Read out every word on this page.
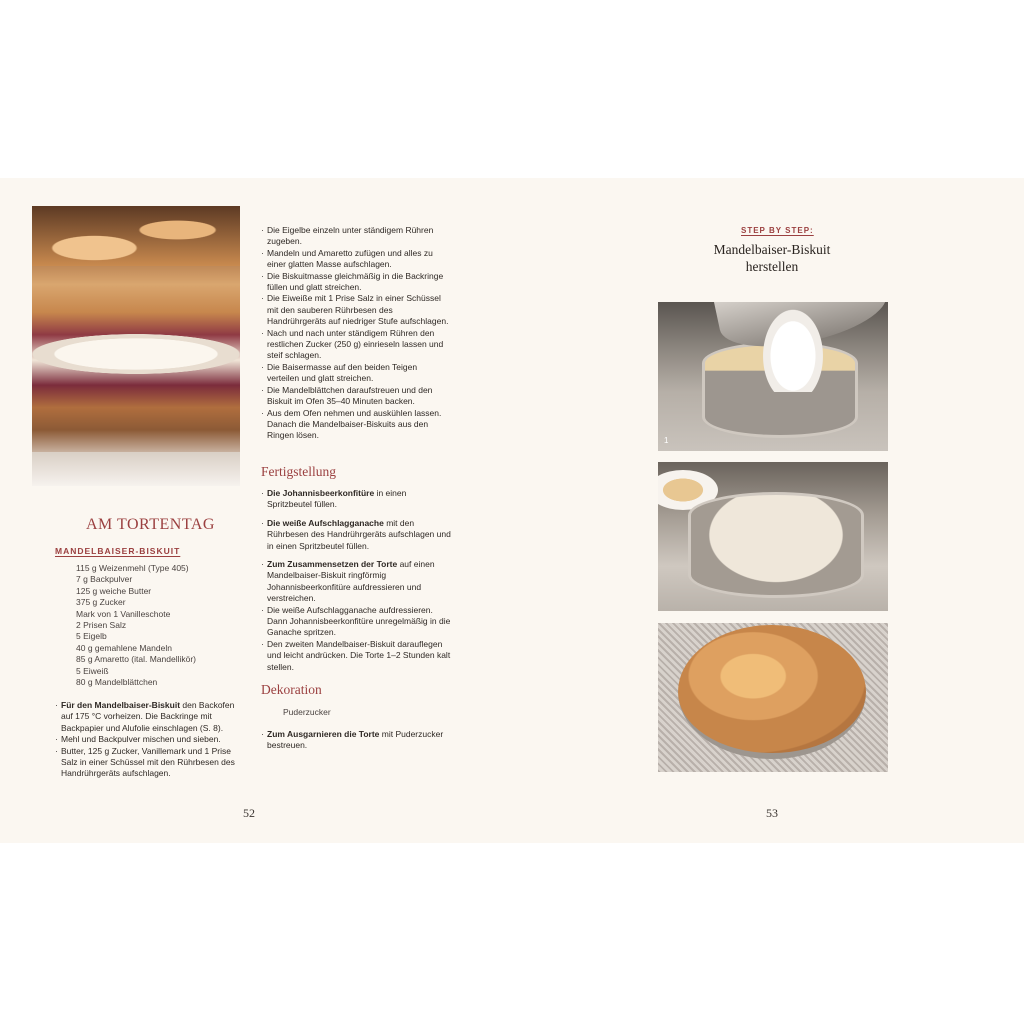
AM TORTENTAG
MANDELBAISER-BISKUIT
115 g Weizenmehl (Type 405)
7 g Backpulver
125 g weiche Butter
375 g Zucker
Mark von 1 Vanilleschote
2 Prisen Salz
5 Eigelb
40 g gemahlene Mandeln
85 g Amaretto (ital. Mandellikör)
5 Eiweiß
80 g Mandelblättchen
· Für den Mandelbaiser-Biskuit den Backofen auf 175 °C vorheizen. Die Backringe mit Backpapier und Alufolie einschlagen (S. 8).
· Mehl und Backpulver mischen und sieben.
· Butter, 125 g Zucker, Vanillemark und 1 Prise Salz in einer Schüssel mit den Rührbesen des Handrührgeräts aufschlagen.
· Die Eigelbe einzeln unter ständigem Rühren zugeben.
· Mandeln und Amaretto zufügen und alles zu einer glatten Masse aufschlagen.
· Die Biskuitmasse gleichmäßig in die Backringe füllen und glatt streichen.
· Die Eiweiße mit 1 Prise Salz in einer Schüssel mit den sauberen Rührbesen des Handrührgeräts auf niedriger Stufe aufschlagen.
· Nach und nach unter ständigem Rühren den restlichen Zucker (250 g) einrieseln lassen und steif schlagen.
· Die Baisermasse auf den beiden Teigen verteilen und glatt streichen.
· Die Mandelblättchen daraufstreuen und den Biskuit im Ofen 35–40 Minuten backen.
· Aus dem Ofen nehmen und auskühlen lassen. Danach die Mandelbaiser-Biskuits aus den Ringen lösen.
Fertigstellung
· Die Johannisbeerkonfitüre in einen Spritzbeutel füllen.
· Die weiße Aufschlagganache mit den Rührbesen des Handrührgeräts aufschlagen und in einen Spritzbeutel füllen.
· Zum Zusammensetzen der Torte auf einen Mandelbaiser-Biskuit ringförmig Johannisbeerkonfitüre aufdressieren und verstreichen.
· Die weiße Aufschlagganache aufdressieren. Dann Johannisbeerkonfitüre unregelmäßig in die Ganache spritzen.
· Den zweiten Mandelbaiser-Biskuit darauflegen und leicht andrücken. Die Torte 1–2 Stunden kalt stellen.
Dekoration
Puderzucker
· Zum Ausgarnieren die Torte mit Puderzucker bestreuen.
52
STEP BY STEP:
Mandelbaiser-Biskuit
herstellen
1
53
